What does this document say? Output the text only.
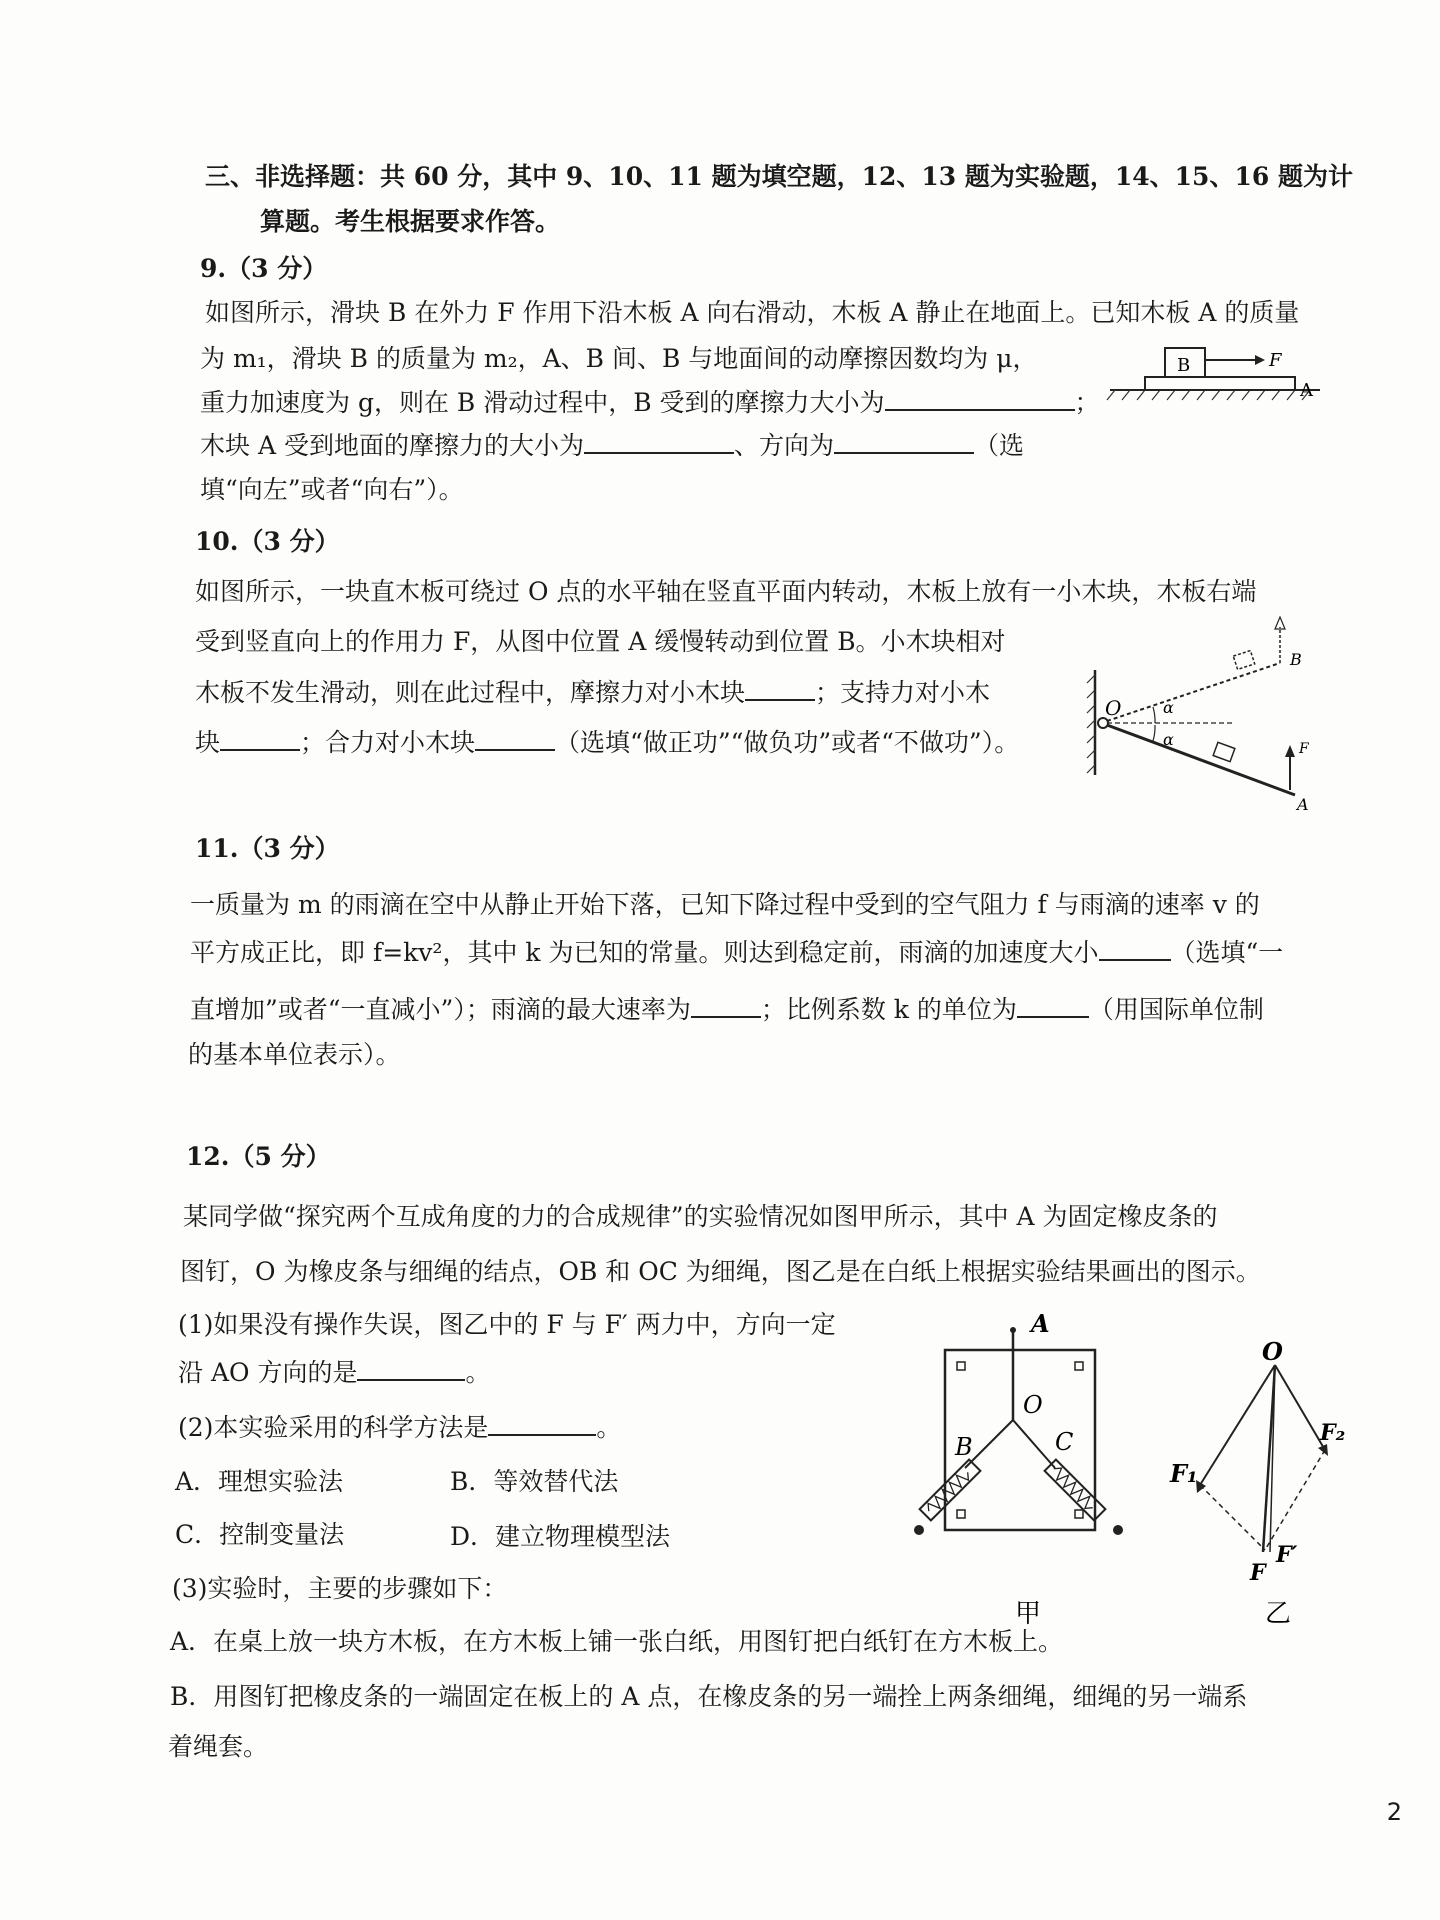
三、非选择题：共 60 分，其中 9、10、11 题为填空题，12、13 题为实验题，14、15、16 题为计
算题。考生根据要求作答。
9.（3 分）
如图所示，滑块 B 在外力 F 作用下沿木板 A 向右滑动，木板 A 静止在地面上。已知木板 A 的质量
为 m₁，滑块 B 的质量为 m₂，A、B 间、B 与地面间的动摩擦因数均为 μ，
重力加速度为 g，则在 B 滑动过程中，B 受到的摩擦力大小为	；
木块 A 受到地面的摩擦力的大小为	、方向为	（选
填“向左”或者“向右”）。
B	F
A
10.（3 分）
如图所示，一块直木板可绕过 O 点的水平轴在竖直平面内转动，木板上放有一小木块，木板右端
受到竖直向上的作用力 F，从图中位置 A 缓慢转动到位置 B。小木块相对
木板不发生滑动，则在此过程中，摩擦力对小木块	；支持力对小木
块	；合力对小木块	（选填“做正功”“做负功”或者“不做功”）。
O
B
A
α
α	F
11.（3 分）
一质量为 m 的雨滴在空中从静止开始下落，已知下降过程中受到的空气阻力 f 与雨滴的速率 v 的
平方成正比，即 f=kv²，其中 k 为已知的常量。则达到稳定前，雨滴的加速度大小	（选填“一
直增加”或者“一直减小”）；雨滴的最大速率为	；比例系数 k 的单位为	（用国际单位制
的基本单位表示）。
12.（5 分）
某同学做“探究两个互成角度的力的合成规律”的实验情况如图甲所示，其中 A 为固定橡皮条的
图钉，O 为橡皮条与细绳的结点，OB 和 OC 为细绳，图乙是在白纸上根据实验结果画出的图示。
(1)如果没有操作失误，图乙中的 F 与 F′ 两力中，方向一定
沿 AO 方向的是	。
(2)本实验采用的科学方法是	。
A．理想实验法	B．等效替代法
C．控制变量法	D．建立物理模型法
(3)实验时，主要的步骤如下：
A．在桌上放一块方木板，在方木板上铺一张白纸，用图钉把白纸钉在方木板上。
B．用图钉把橡皮条的一端固定在板上的 A 点，在橡皮条的另一端拴上两条细绳，细绳的另一端系
着绳套。
A
O
B	C
甲
O
F₁
F₂
F
F′
乙
2
